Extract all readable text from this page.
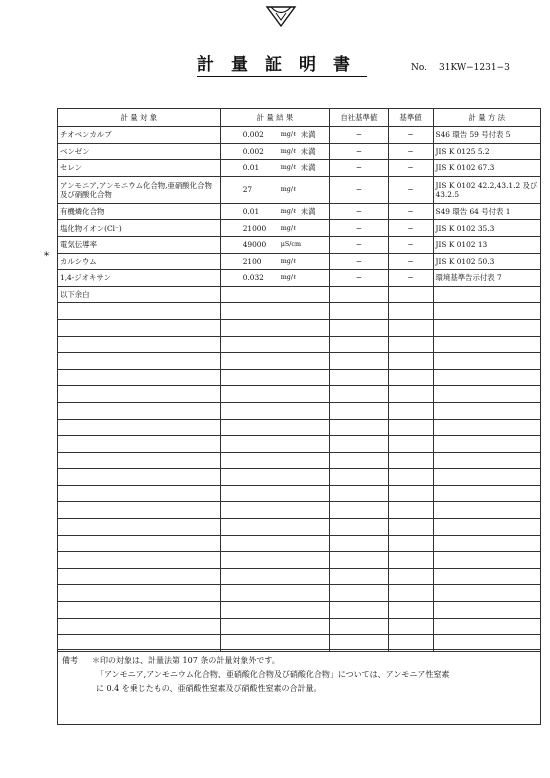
計量証明書	No. 31KW−1231−3
*
計 量 対 象	計 量 結 果	自社基準値	基準値	計 量 方 法
チオベンカルブ	0.002 mg/ℓ 未満	−	−	S46 環告 59 号付表 5
ベンゼン	0.002 mg/ℓ 未満	−	−	JIS K 0125 5.2
セレン	0.01 mg/ℓ 未満	−	−	JIS K 0102 67.3
アンモニア,アンモニウム化合物,亜硝酸化合物及び硝酸化合物	27 mg/ℓ	−	−	JIS K 0102 42.2,43.1.2 及び 43.2.5
有機燐化合物	0.01 mg/ℓ 未満	−	−	S49 環告 64 号付表 1
塩化物イオン(Cl⁻)	21000 mg/ℓ	−	−	JIS K 0102 35.3
電気伝導率	49000 μS/cm	−	−	JIS K 0102 13
カルシウム	2100 mg/ℓ	−	−	JIS K 0102 50.3
1,4-ジオキサン	0.032 mg/ℓ	−	−	環境基準告示付表 7
以下余白	

備考 ＊印の対象は、計量法第 107 条の計量対象外です。
「アンモニア,アンモニウム化合物、亜硝酸化合物及び硝酸化合物」については、アンモニア性窒素
に 0.4 を乗じたもの、亜硝酸性窒素及び硝酸性窒素の合計量。
